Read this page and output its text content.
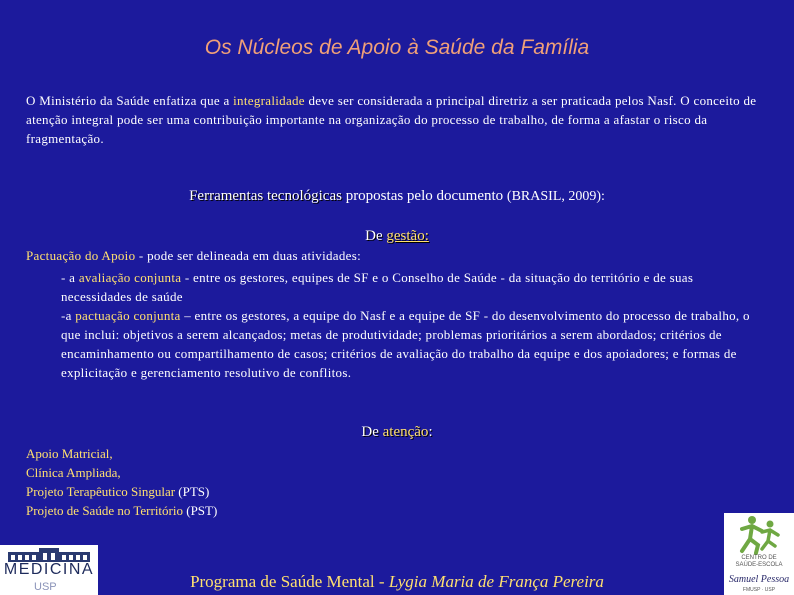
Os Núcleos de Apoio à Saúde da Família
O Ministério da Saúde enfatiza que a integralidade deve ser considerada a principal diretriz a ser praticada pelos Nasf. O conceito de atenção integral pode ser uma contribuição importante na organização do processo de trabalho, de forma a afastar o risco da fragmentação.
Ferramentas tecnológicas propostas pelo documento (BRASIL, 2009):
De gestão:
Pactuação do Apoio - pode ser delineada em duas atividades:
- a avaliação conjunta - entre os gestores, equipes de SF e o Conselho de Saúde - da situação do território e de suas necessidades de saúde
-a pactuação conjunta – entre os gestores, a equipe do Nasf e a equipe de SF - do desenvolvimento do processo de trabalho, o que inclui: objetivos a serem alcançados; metas de produtividade; problemas prioritários a serem abordados; critérios de encaminhamento ou compartilhamento de casos; critérios de avaliação do trabalho da equipe e dos apoiadores; e formas de explicitação e gerenciamento resolutivo de conflitos.
De atenção:
Apoio Matricial,
Clínica Ampliada,
Projeto Terapêutico Singular (PTS)
Projeto de Saúde no Território (PST)
MEDICINA
USP	Programa de Saúde Mental - Lygia Maria de França Pereira
CENTRO DE
SAÚDE-ESCOLA
Samuel Pessoa
FMUSP · USP
